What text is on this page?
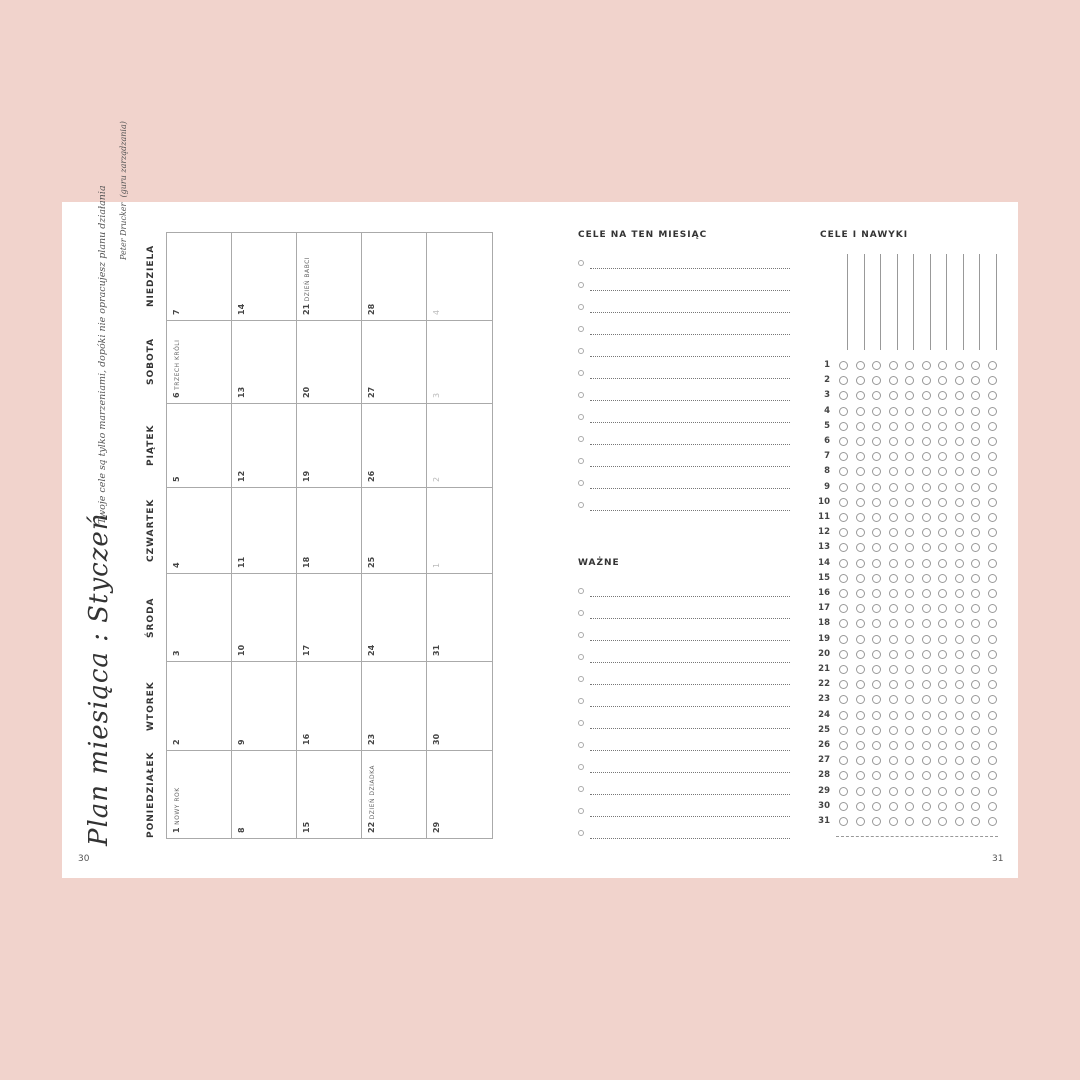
30
Plan miesiąca : Styczeń
Twoje cele są tylko marzeniami, dopóki nie opracujesz planu działania	Peter Drucker (guru zarządzania)
PONIEDZIAŁEK
WTOREK
ŚRODA
CZWARTEK
PIĄTEK
SOBOTA
NIEDZIELA
1 NOWY ROK
2
3
4
5
6 TRZECH KRÓLI
7
8
9
10
11
12
13
14
15
16
17
18
19
20
21 DZIEŃ BABCI
22 DZIEŃ DZIADKA
23
24
25
26
27
28
29
30
31
1
2
3
4
CELE NA TEN MIESIĄC
WAŻNE
CELE I NAWYKI
1
2
3
4
5
6
7
8
9
10
11
12
13
14
15
16
17
18
19
20
21
22
23
24
25
26
27
28
29
30
31
31
